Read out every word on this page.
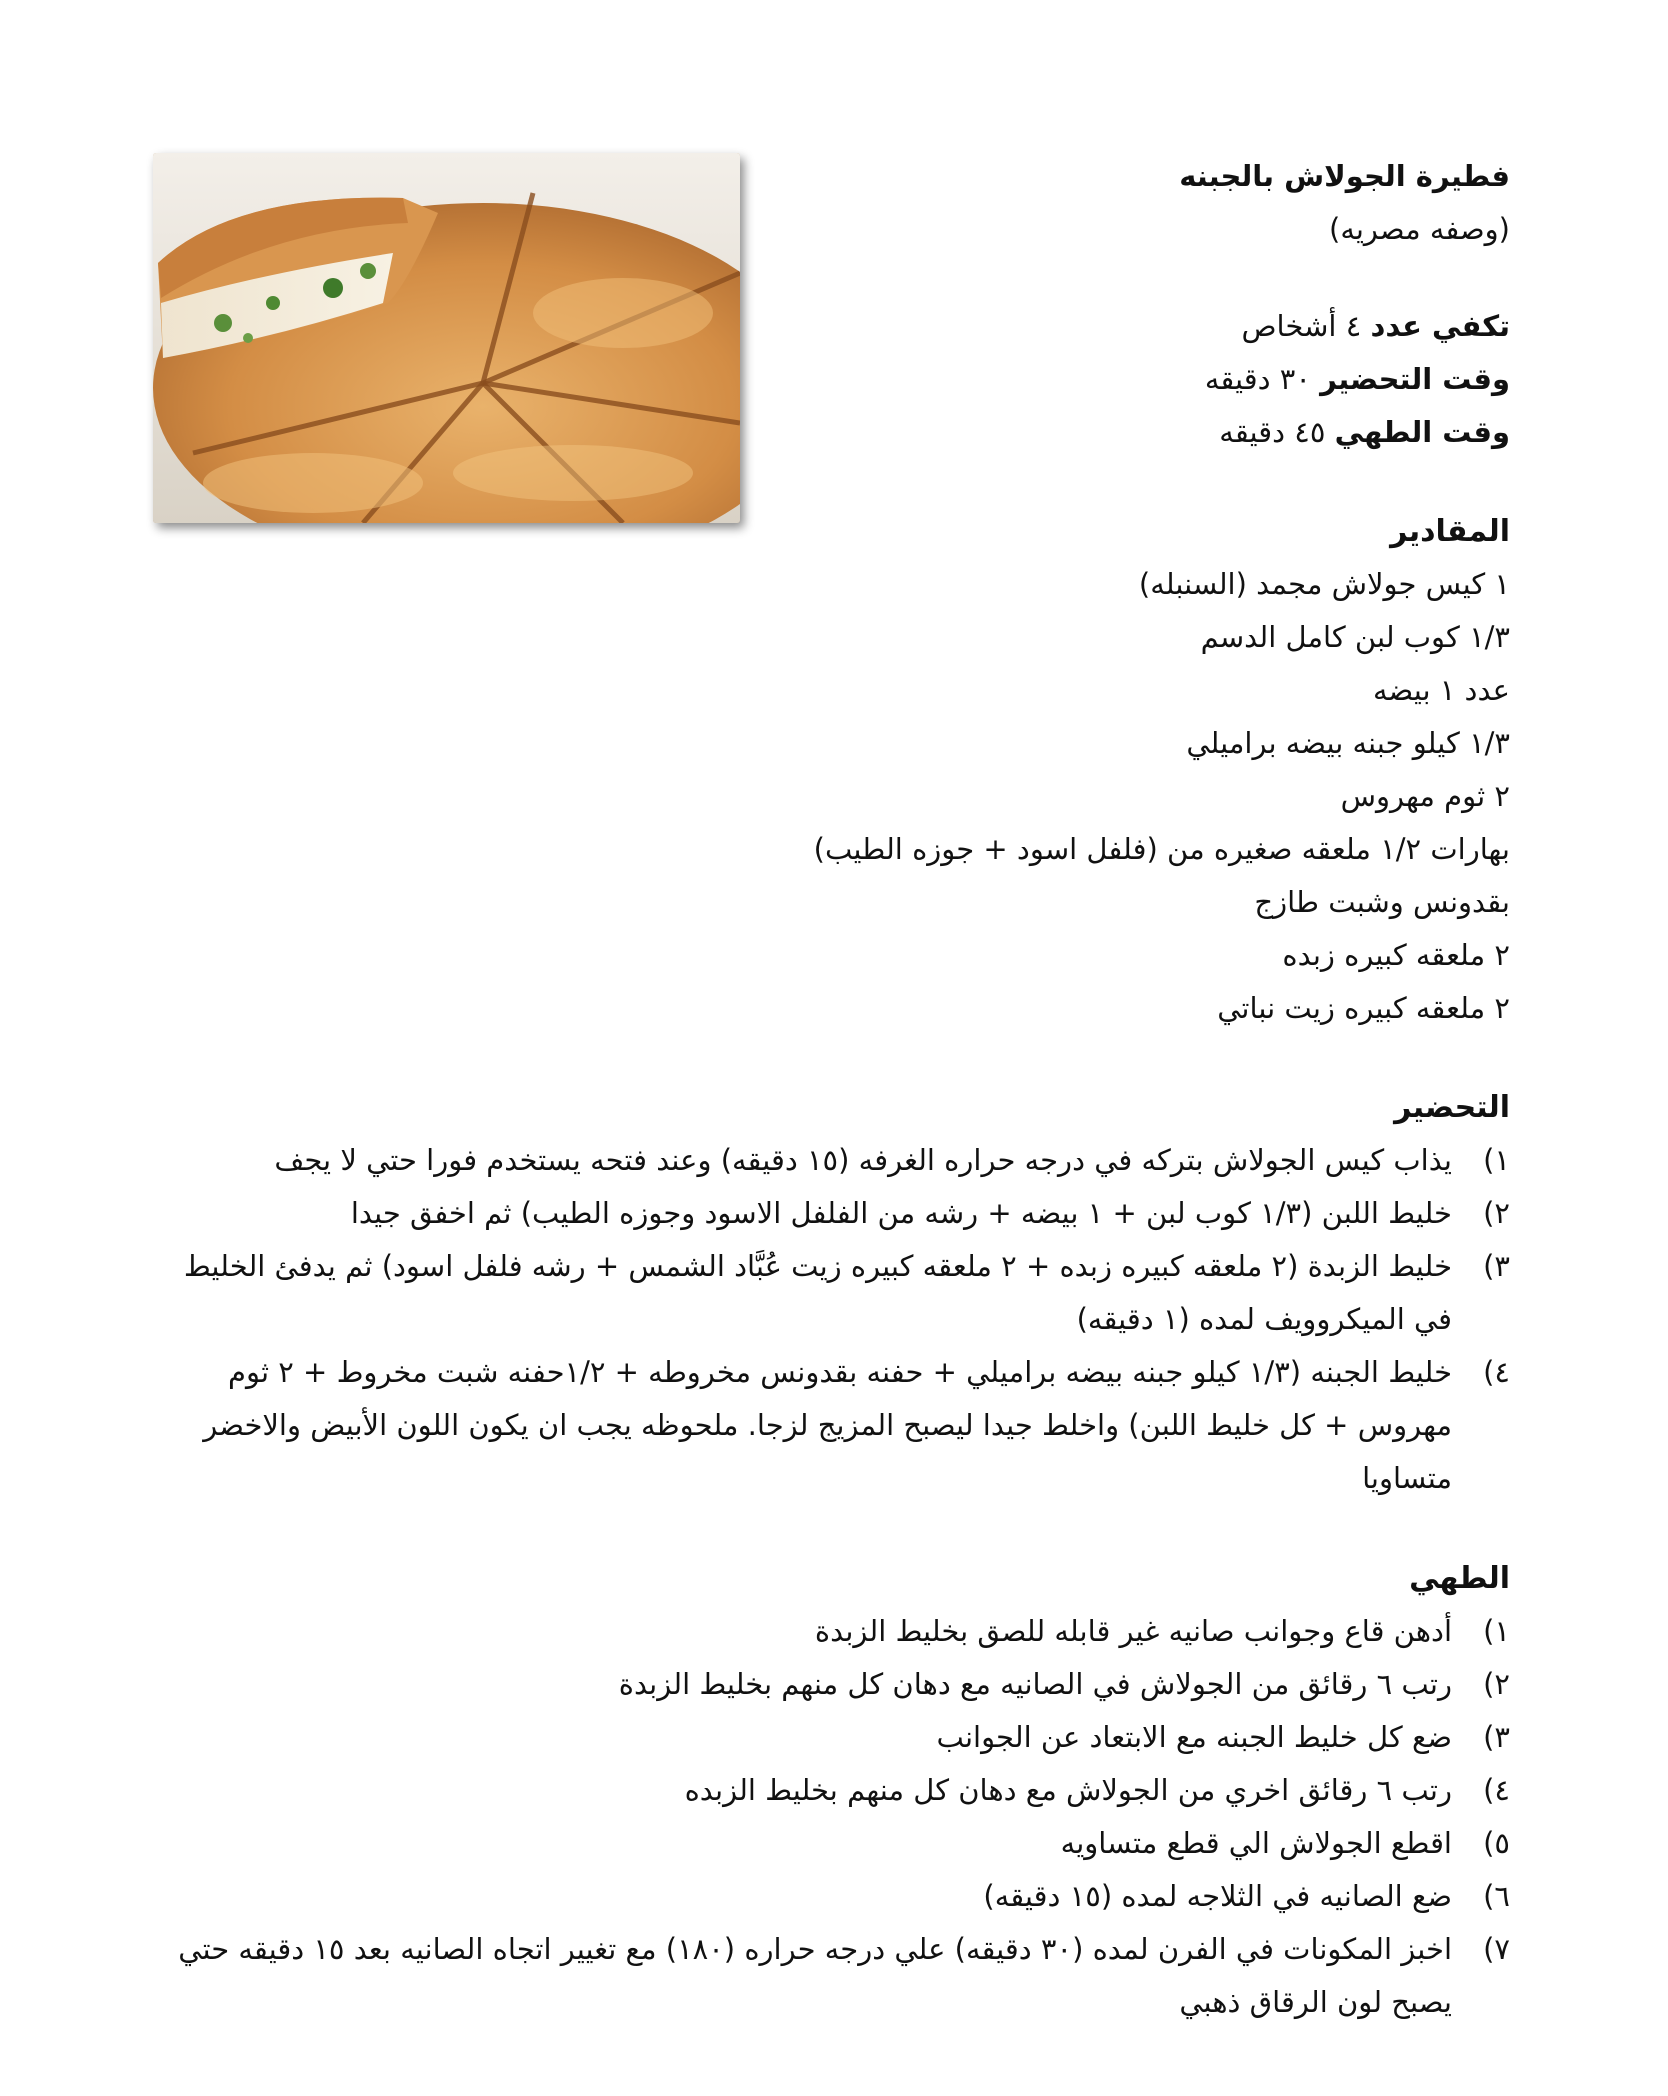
فطيرة الجولاش بالجبنه
(وصفه مصريه)
تكفي عدد ٤ أشخاص
وقت التحضير ٣٠ دقيقه
وقت الطهي ٤٥ دقيقه
المقادير
١ كيس جولاش مجمد (السنبله)
١/٣ كوب لبن كامل الدسم
عدد ١ بيضه
١/٣ كيلو جبنه بيضه براميلي
٢ ثوم مهروس
بهارات ١/٢ ملعقه صغيره من (فلفل اسود + جوزه الطيب)
بقدونس وشبت طازج
٢ ملعقه كبيره زبده
٢ ملعقه كبيره زيت نباتي
التحضير
١)
يذاب كيس الجولاش بتركه في درجه حراره الغرفه (١٥ دقيقه) وعند فتحه يستخدم فورا حتي لا يجف
٢)
خليط اللبن (١/٣ كوب لبن + ١ بيضه + رشه من الفلفل الاسود وجوزه الطيب) ثم اخفق جيدا
٣)
خليط الزبدة (٢ ملعقه كبيره زبده + ٢ ملعقه كبيره زيت عُبَّاد الشمس + رشه فلفل اسود) ثم يدفئ الخليط في الميكروويف لمده (١ دقيقه)
٤)
خليط الجبنه (١/٣ كيلو جبنه بيضه براميلي + حفنه بقدونس مخروطه + ١/٢حفنه شبت مخروط + ٢ ثوم مهروس + كل خليط اللبن) واخلط جيدا ليصبح المزيج لزجا. ملحوظه يجب ان يكون اللون الأبيض والاخضر متساويا
الطهي
١)
أدهن قاع وجوانب صانيه غير قابله للصق بخليط الزبدة
٢)
رتب ٦ رقائق من الجولاش في الصانيه مع دهان كل منهم بخليط الزبدة
٣)
ضع كل خليط الجبنه مع الابتعاد عن الجوانب
٤)
رتب ٦ رقائق اخري من الجولاش مع دهان كل منهم بخليط الزبده
٥)
اقطع الجولاش الي قطع متساويه
٦)
ضع الصانيه في الثلاجه لمده (١٥ دقيقه)
٧)
اخبز المكونات في الفرن لمده (٣٠ دقيقه) علي درجه حراره (١٨٠) مع تغيير اتجاه الصانيه بعد ١٥ دقيقه حتي يصبح لون الرقاق ذهبي
